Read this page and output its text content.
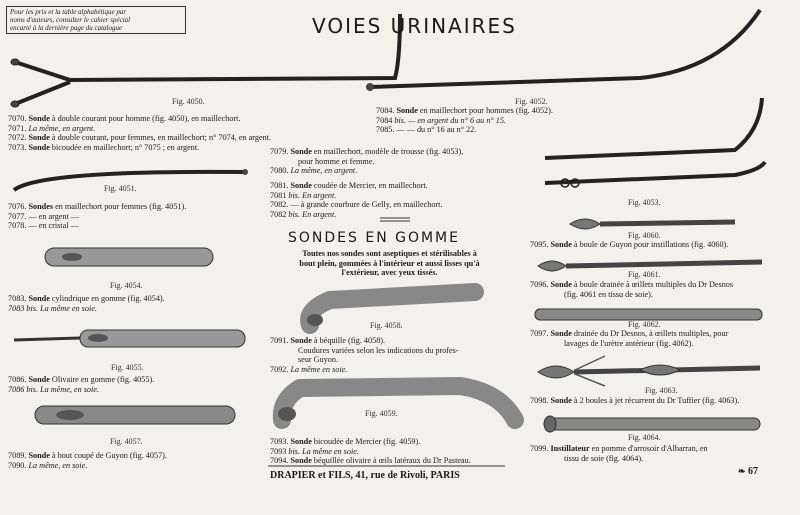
Pour les prix et la table alphabétique par
noms d'auteurs, consulter le cahier spécial
encarté à la dernière page du catalogue	VOIES URINAIRES
Fig. 4050.	Fig. 4052.
Fig. 4051.
Fig. 4053.
Fig. 4060.
Fig. 4061.
Fig. 4054.
Fig. 4062.
Fig. 4058.
Fig. 4055.
Fig. 4063.
Fig. 4059.
Fig. 4064.
Fig. 4057.
7070. Sonde à double courant pour homme (fig. 4050), en maillechort.
7071. La même, en argent.
7072. Sonde à double courant, pour femmes, en maillechort; n° 7074, en argent.
7073. Sonde bicoudée en maillechort; n° 7075 ; en argent.
7076. Sondes en maillechort pour femmes (fig. 4051).
7077. — en argent —
7078. — en cristal —
7083. Sonde cylindrique en gomme (fig. 4054).
7083 bis. La même en soie.
7086. Sonde Olivaire en gomme (fig. 4055).
7086 bis. La même, en soie.
7089. Sonde à bout coupé de Guyon (fig. 4057).
7090. La même, en soie.
7079. Sonde en maillechort, modèle de trousse (fig. 4053),
pour homme et femme.
7080. La même, en argent.
7081. Sonde coudée de Mercier, en maillechort.
7081 bis. En argent.
7082. — à grande courbure de Gelly, en maillechort.
7082 bis. En argent.
SONDES EN GOMME
Toutes nos sondes sont aseptiques et stérilisables à
bout plein, gommées à l'intérieur et aussi lisses qu'à
l'extérieur, avec yeux tissés.
7091. Sonde à béquille (fig. 4058).
Coudures variées selon les indications du profes-
seur Guyon.
7092. La même en soie.
7093. Sonde bicoudée de Mercier (fig. 4059).
7093 bis. La même en soie.
7094. Sonde béquillée olivaire à œils latéraux du Dr Pasteau.
DRAPIER et FILS, 41, rue de Rivoli, PARIS
7084. Sonde en maillechort pour hommes (fig. 4052).
7084 bis. — en argent du n° 6 au n° 15.
7085. — — du n° 16 au n° 22.
7095. Sonde à boule de Guyon pour instillations (fig. 4060).
7096. Sonde à boule drainée à œillets multiples du Dr Desnos
(fig. 4061 en tissu de soie).
7097. Sonde drainée du Dr Desnos, à œillets multiples, pour
lavages de l'urètre antérieur (fig. 4062).
7098. Sonde à 2 boules à jet récurrent du Dr Tuffier (fig. 4063).
7099. Instillateur en pomme d'arrosoir d'Albarran, en
tissu de soie (fig. 4064).
❧ 67
